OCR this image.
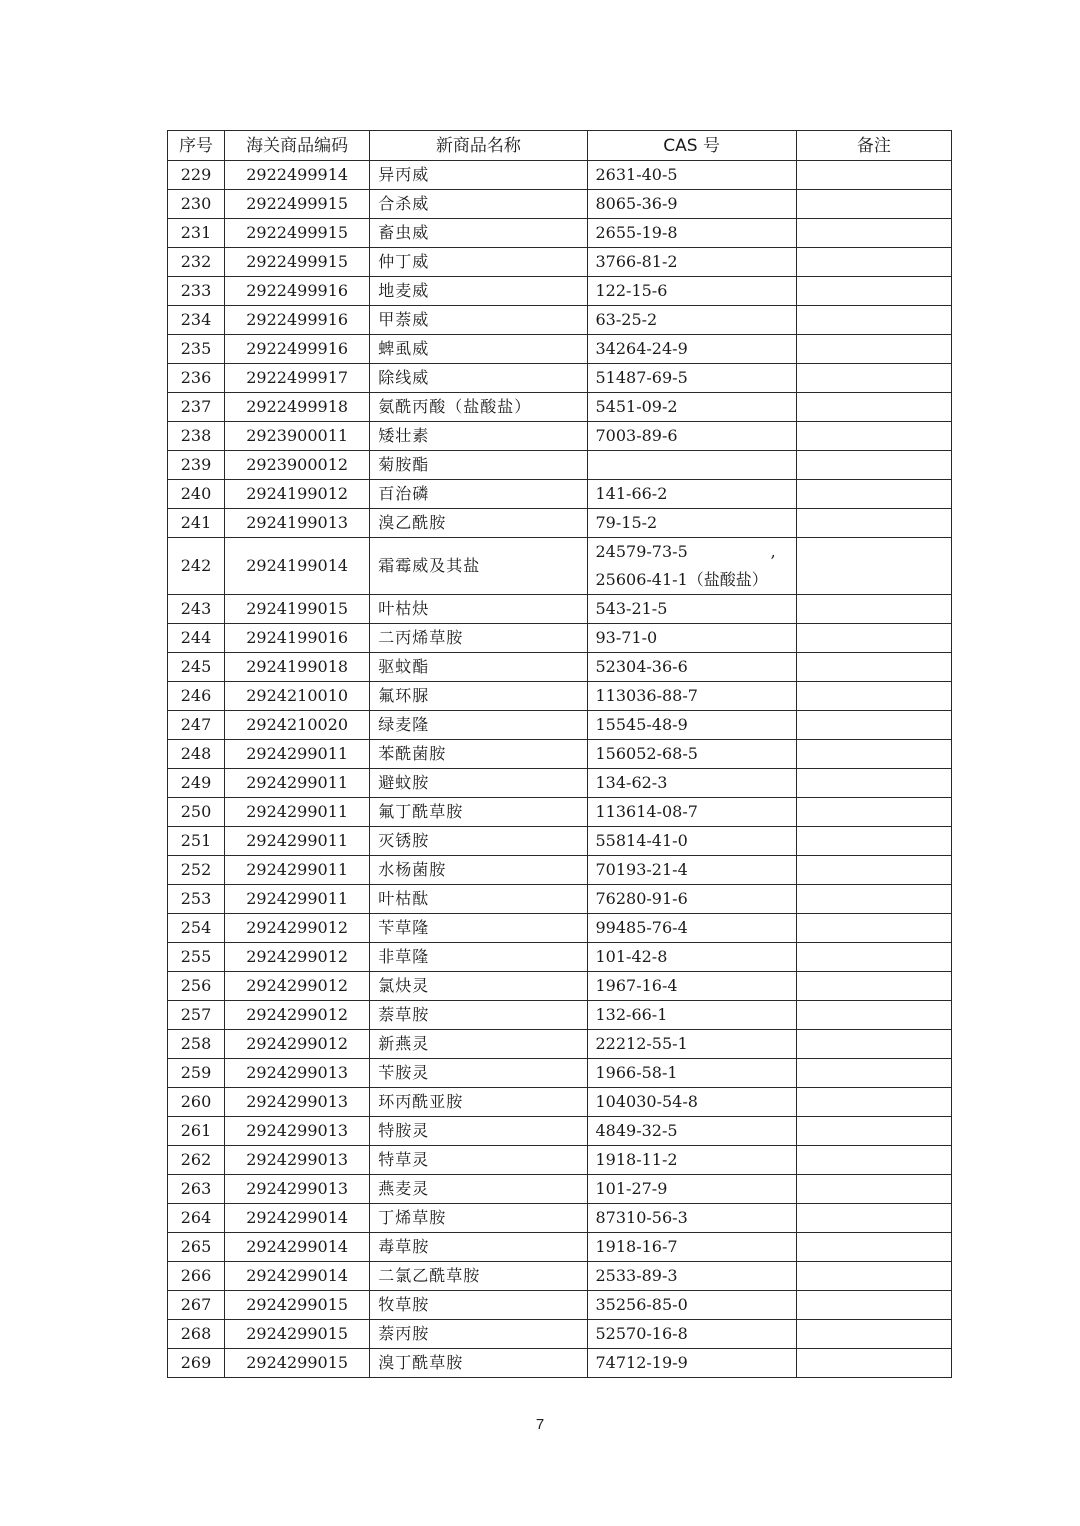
序号	海关商品编码	新商品名称	CAS 号	备注
229	2922499914	异丙威	2631-40-5	
230	2922499915	合杀威	8065-36-9	
231	2922499915	畜虫威	2655-19-8	
232	2922499915	仲丁威	3766-81-2	
233	2922499916	地麦威	122-15-6	
234	2922499916	甲萘威	63-25-2	
235	2922499916	蜱虱威	34264-24-9	
236	2922499917	除线威	51487-69-5	
237	2922499918	氨酰丙酸（盐酸盐）	5451-09-2	
238	2923900011	矮壮素	7003-89-6	
239	2923900012	菊胺酯		
240	2924199012	百治磷	141-66-2	
241	2924199013	溴乙酰胺	79-15-2	
242	2924199014	霜霉威及其盐	24579-73-5 ,
25606-41-1（盐酸盐）	

243	2924199015	叶枯炔	543-21-5	
244	2924199016	二丙烯草胺	93-71-0	
245	2924199018	驱蚊酯	52304-36-6	
246	2924210010	氟环脲	113036-88-7	
247	2924210020	绿麦隆	15545-48-9	
248	2924299011	苯酰菌胺	156052-68-5	
249	2924299011	避蚊胺	134-62-3	
250	2924299011	氟丁酰草胺	113614-08-7	
251	2924299011	灭锈胺	55814-41-0	
252	2924299011	水杨菌胺	70193-21-4	
253	2924299011	叶枯酞	76280-91-6	
254	2924299012	苄草隆	99485-76-4	
255	2924299012	非草隆	101-42-8	
256	2924299012	氯炔灵	1967-16-4	
257	2924299012	萘草胺	132-66-1	
258	2924299012	新燕灵	22212-55-1	
259	2924299013	苄胺灵	1966-58-1	
260	2924299013	环丙酰亚胺	104030-54-8	
261	2924299013	特胺灵	4849-32-5	
262	2924299013	特草灵	1918-11-2	
263	2924299013	燕麦灵	101-27-9	
264	2924299014	丁烯草胺	87310-56-3	
265	2924299014	毒草胺	1918-16-7	
266	2924299014	二氯乙酰草胺	2533-89-3	
267	2924299015	牧草胺	35256-85-0	
268	2924299015	萘丙胺	52570-16-8	
269	2924299015	溴丁酰草胺	74712-19-9	
7
